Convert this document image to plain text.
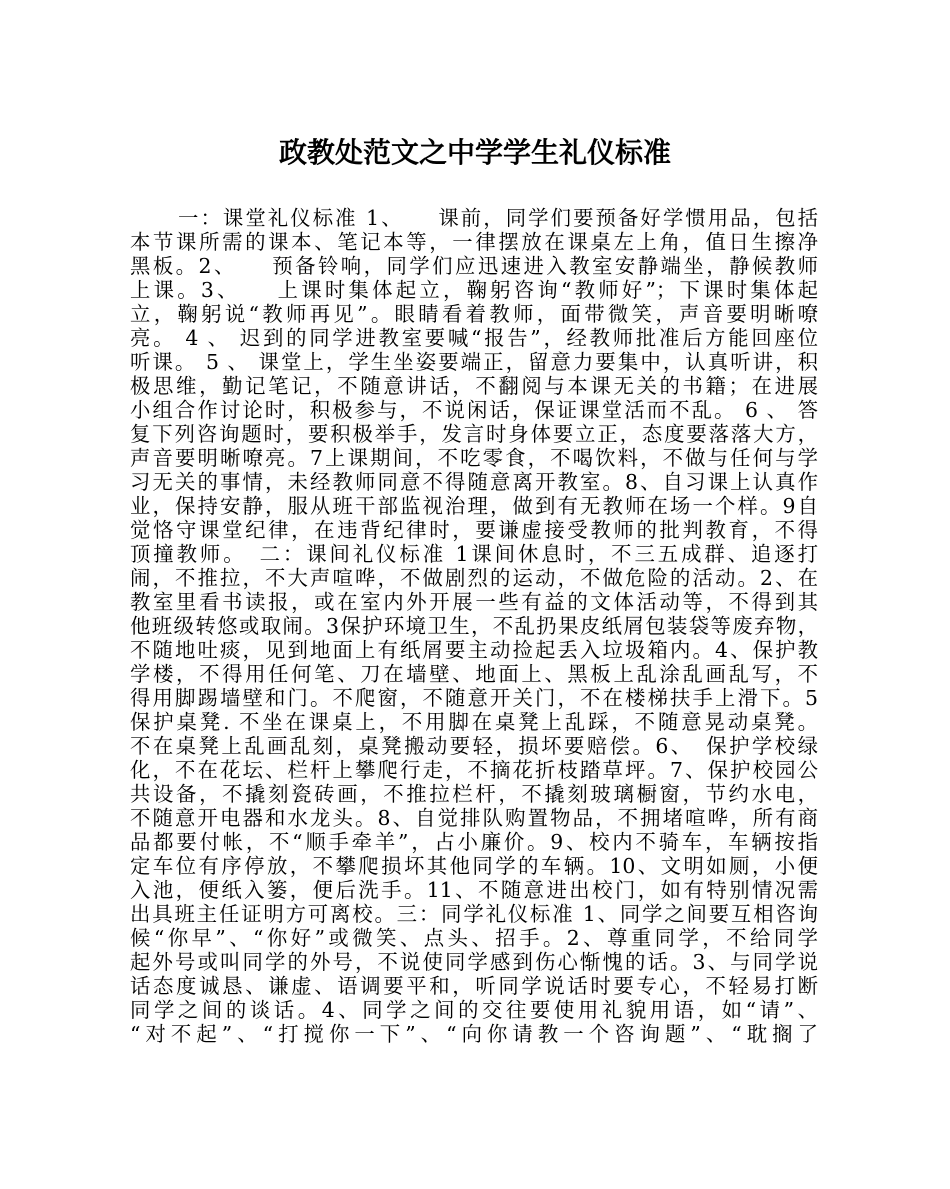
政教处范文之中学学生礼仪标准
一：课堂礼仪标准 1、　　课前，同学们要预备好学惯用品，包括
本节课所需的课本、笔记本等，一律摆放在课桌左上角，值日生擦净
黑板。2、　　预备铃响，同学们应迅速进入教室安静端坐，静候教师
上课。3、　　上课时集体起立，鞠躬咨询“教师好”；下课时集体起
立，鞠躬说“教师再见”。眼睛看着教师，面带微笑，声音要明晰嘹
亮。 4 、 迟到的同学进教室要喊“报告”，经教师批准后方能回座位
听课。 5 、 课堂上，学生坐姿要端正，留意力要集中，认真听讲，积
极思维，勤记笔记，不随意讲话，不翻阅与本课无关的书籍；在进展
小组合作讨论时，积极参与，不说闲话，保证课堂活而不乱。 6 、 答
复下列咨询题时，要积极举手，发言时身体要立正，态度要落落大方，
声音要明晰嘹亮。7上课期间，不吃零食，不喝饮料，不做与任何与学
习无关的事情，未经教师同意不得随意离开教室。8、自习课上认真作
业，保持安静，服从班干部监视治理，做到有无教师在场一个样。9自
觉恪守课堂纪律，在违背纪律时，要谦虚接受教师的批判教育，不得
顶撞教师。　二：课间礼仪标准 1课间休息时，不三五成群、追逐打
闹，不推拉，不大声喧哗，不做剧烈的运动，不做危险的活动。2、在
教室里看书读报，或在室内外开展一些有益的文体活动等，不得到其
他班级转悠或取闹。3保护环境卫生，不乱扔果皮纸屑包装袋等废弃物，
不随地吐痰，见到地面上有纸屑要主动捡起丢入垃圾箱内。4、保护教
学楼，不得用任何笔、刀在墙壁、地面上、黑板上乱涂乱画乱写，不
得用脚踢墙壁和门。不爬窗，不随意开关门，不在楼梯扶手上滑下。5
保护桌凳. 不坐在课桌上，不用脚在桌凳上乱踩，不随意晃动桌凳。
不在桌凳上乱画乱刻，桌凳搬动要轻，损坏要赔偿。6、　保护学校绿
化，不在花坛、栏杆上攀爬行走，不摘花折枝踏草坪。7、保护校园公
共设备，不撬刻瓷砖画，不推拉栏杆，不撬刻玻璃橱窗，节约水电，
不随意开电器和水龙头。8、自觉排队购置物品，不拥堵喧哗，所有商
品都要付帐，不“顺手牵羊”，占小廉价。9、校内不骑车，车辆按指
定车位有序停放，不攀爬损坏其他同学的车辆。10、文明如厕，小便
入池，便纸入篓，便后洗手。11、不随意进出校门，如有特别情况需
出具班主任证明方可离校。三：同学礼仪标准 1、同学之间要互相咨询
候“你早”、“你好”或微笑、点头、招手。2、尊重同学，不给同学
起外号或叫同学的外号，不说使同学感到伤心惭愧的话。3、与同学说
话态度诚恳、谦虚、语调要平和，听同学说话时要专心，不轻易打断
同学之间的谈话。4、同学之间的交往要使用礼貌用语，如“请”、
“对不起”、“打搅你一下”、“向你请教一个咨询题”、“耽搁了
